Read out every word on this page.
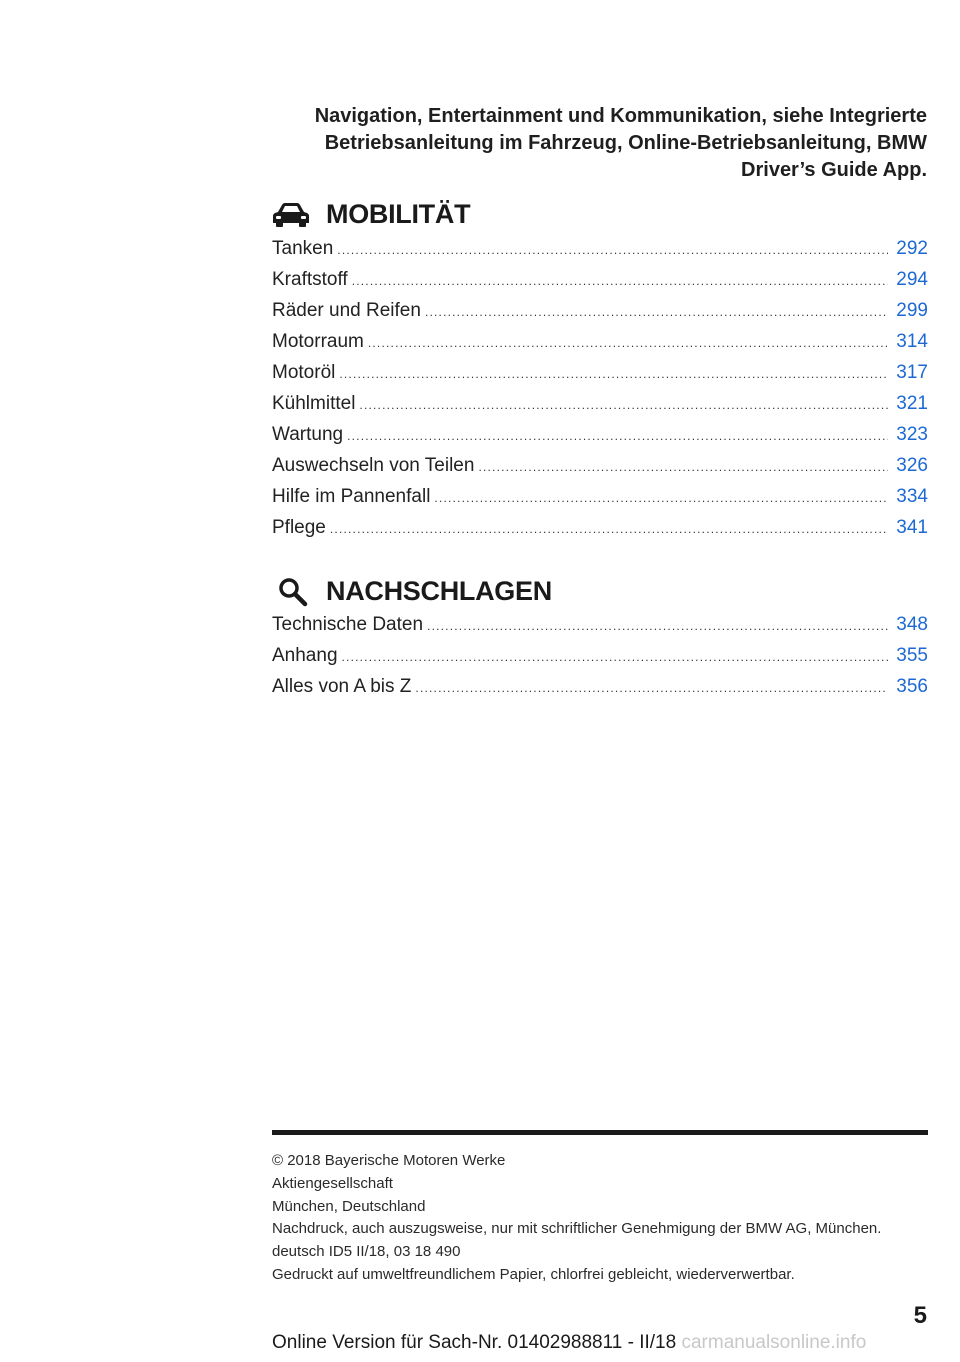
Navigation, Entertainment und Kommunikation, siehe Integrierte
Betriebsanleitung im Fahrzeug, Online-Betriebsanleitung, BMW
Driver’s Guide App.
MOBILITÄT
Tanken .....	292
Kraftstoff .....	294
Räder und Reifen .....	299
Motorraum .....	314
Motoröl .....	317
Kühlmittel .....	321
Wartung .....	323
Auswechseln von Teilen .....	326
Hilfe im Pannenfall .....	334
Pflege .....	341
NACHSCHLAGEN
Technische Daten .....	348
Anhang .....	355
Alles von A bis Z .....	356
© 2018 Bayerische Motoren Werke
Aktiengesellschaft
München, Deutschland
Nachdruck, auch auszugsweise, nur mit schriftlicher Genehmigung der BMW AG, München.
deutsch ID5 II/18, 03 18 490
Gedruckt auf umweltfreundlichem Papier, chlorfrei gebleicht, wiederverwertbar.
5
Online Version für Sach-Nr. 01402988811 - II/18 carmanualsonline.info
